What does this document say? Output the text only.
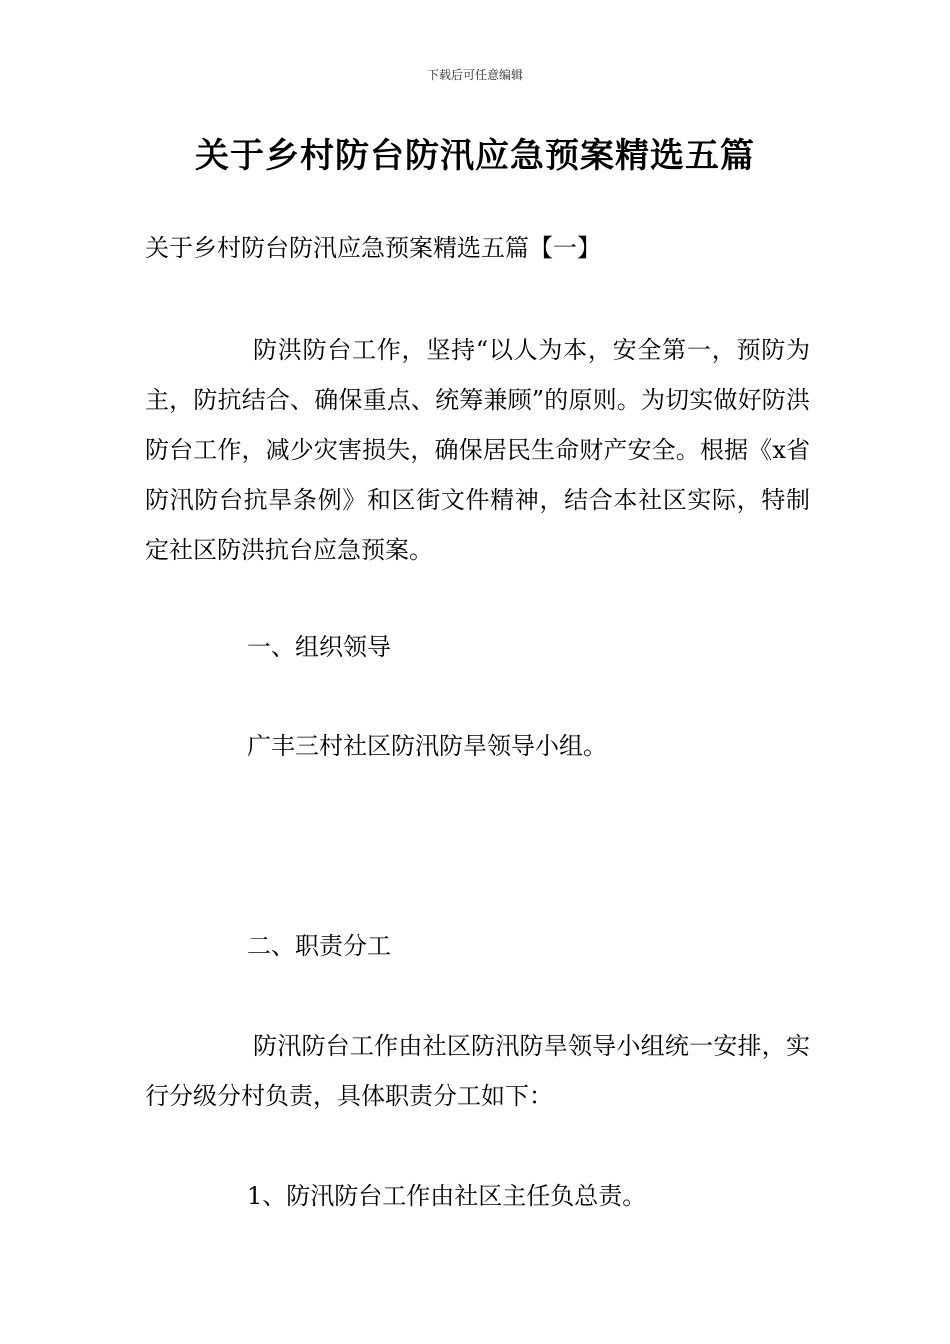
下载后可任意编辑
关于乡村防台防汛应急预案精选五篇
关于乡村防台防汛应急预案精选五篇【一】

防洪防台工作，坚持“以人为本，安全第一，预防为主，防抗结合、确保重点、统筹兼顾”的原则。为切实做好防洪防台工作，减少灾害损失，确保居民生命财产安全。根据《x省防汛防台抗旱条例》和区街文件精神，结合本社区实际，特制定社区防洪抗台应急预案。

一、组织领导
广丰三村社区防汛防旱领导小组。
二、职责分工

防汛防台工作由社区防汛防旱领导小组统一安排，实行分级分村负责，具体职责分工如下：

1、防汛防台工作由社区主任负总责。
